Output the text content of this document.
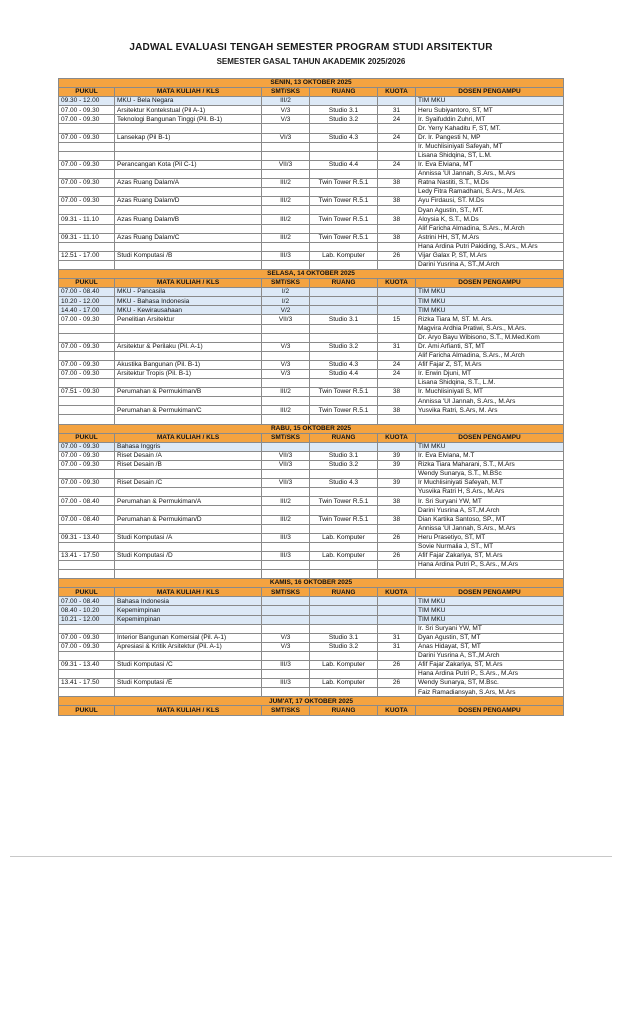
JADWAL EVALUASI TENGAH SEMESTER PROGRAM STUDI ARSITEKTUR
SEMESTER GASAL TAHUN AKADEMIK 2025/2026
SENIN, 13 OKTOBER 2025					
PUKUL	MATA KULIAH / KLS	SMT/SKS	RUANG	KUOTA	DOSEN PENGAMPU
09.30 - 12.00	MKU - Bela Negara	III/2			TIM MKU
07.00 - 09.30	Arsitektur Kontekstual (Pil A-1)	V/3	Studio 3.1	31	Heru Subiyantoro, ST, MT
07.00 - 09.30	Teknologi Bangunan Tinggi (Pil. B-1)	V/3	Studio 3.2	24	Ir. Syaifuddin Zuhri, MT
					Dr. Yerry Kahaditu F, ST, MT.
07.00 - 09.30	Lansekap (Pil B-1)	VI/3	Studio 4.3	24	Dr. Ir. Pangesti N, MP
					Ir. Muchlisiniyati Safeyah, MT
					Lisana Shidqina, ST, L.M.
07.00 - 09.30	Perancangan Kota (Pil C-1)	VII/3	Studio 4.4	24	Ir. Eva Elviana, MT
					Annissa 'Ul Jannah, S.Ars., M.Ars
07.00 - 09.30	Azas Ruang Dalam/A	III/2	Twin Tower R.5.1	38	Ratna Nastiti, S.T., M.Ds
					Ledy Fitra Ramadhani, S.Ars., M.Ars.
07.00 - 09.30	Azas Ruang Dalam/D	III/2	Twin Tower R.5.1	38	Ayu Firdausi, ST. M.Ds
					Dyan Agustin, ST., MT.
09.31 - 11.10	Azas Ruang Dalam/B	III/2	Twin Tower R.5.1	38	Aloysia K, S.T., M.Ds
					Alif Faricha Almadina, S.Ars., M.Arch
09.31 - 11.10	Azas Ruang Dalam/C	III/2	Twin Tower R.5.1	38	Astrini HH, ST, M.Ars
					Hana Ardina Putri Pakiding, S.Ars., M.Ars
12.51 - 17.00	Studi Komputasi /B	III/3	Lab. Komputer	26	Vijar Galax P, ST, M.Ars
					Darini Yusrina A, ST.,M.Arch
SELASA, 14 OKTOBER 2025					
PUKUL	MATA KULIAH / KLS	SMT/SKS	RUANG	KUOTA	DOSEN PENGAMPU
07.00 - 08.40	MKU - Pancasila	I/2			TIM MKU
10.20 - 12.00	MKU - Bahasa Indonesia	I/2			TIM MKU
14.40 - 17.00	MKU - Kewirausahaan	V/2			TIM MKU
07.00 - 09.30	Penelitian Arsitektur	VII/3	Studio 3.1	15	Rizka Tiara M, ST. M. Ars.
					Magvira Ardhia Pratiwi, S.Ars., M.Ars.
					Dr. Aryo Bayu Wibisono, S.T., M.Med.Kom
07.00 - 09.30	Arsitektur & Perilaku (Pil. A-1)	V/3	Studio 3.2	31	Dr. Ami Arfianti, ST, MT
					Alif Faricha Almadina, S.Ars., M.Arch
07.00 - 09.30	Akustika Bangunan (Pil. B-1)	V/3	Studio 4.3	24	Afif Fajar Z, ST, M.Ars
07.00 - 09.30	Arsitektur Tropis (Pil. B-1)	V/3	Studio 4.4	24	Ir. Erwin Djuni, MT
					Lisana Shidqina, S.T., L.M.
07.51 - 09.30	Perumahan & Permukiman/B	III/2	Twin Tower R.5.1	38	Ir. Muchlisiniyati S, MT
					Annissa 'Ul Jannah, S.Ars., M.Ars
	Perumahan & Permukiman/C	III/2	Twin Tower R.5.1	38	Yusvika Ratri, S.Ars, M. Ars

RABU, 15 OKTOBER 2025					
PUKUL	MATA KULIAH / KLS	SMT/SKS	RUANG	KUOTA	DOSEN PENGAMPU
07.00 - 09.30	Bahasa Inggris				TIM MKU
07.00 - 09.30	Riset Desain /A	VII/3	Studio 3.1	39	Ir. Eva Elviana, M.T
07.00 - 09.30	Riset Desain /B	VII/3	Studio 3.2	39	Rizka Tiara Maharani, S.T., M.Ars
					Wendy Sunarya, S.T., M.BSc
07.00 - 09.30	Riset Desain /C	VII/3	Studio 4.3	39	Ir Muchlisiniyati Safeyah, M.T
					Yusvika Ratri H, S.Ars., M.Ars
07.00 - 08.40	Perumahan & Permukiman/A	III/2	Twin Tower R.5.1	38	Ir. Sri Suryani YW, MT
					Darini Yusrina A, ST.,M.Arch
07.00 - 08.40	Perumahan & Permukiman/D	III/2	Twin Tower R.5.1	38	Dian Kartika Santoso, SP., MT
					Annissa 'Ul Jannah, S.Ars., M.Ars
09.31 - 13.40	Studi Komputasi /A	III/3	Lab. Komputer	26	Heru Prasetiyo, ST, MT
					Sovie Nurmalia J, ST., MT
13.41 - 17.50	Studi Komputasi /D	III/3	Lab. Komputer	26	Afif Fajar Zakariya, ST, M.Ars
					Hana Ardina Putri P., S.Ars., M.Ars

KAMIS, 16 OKTOBER 2025					
PUKUL	MATA KULIAH / KLS	SMT/SKS	RUANG	KUOTA	DOSEN PENGAMPU
07.00 - 08.40	Bahasa Indonesia				TIM MKU
08.40 - 10.20	Kepemimpinan				TIM MKU
10.21 - 12.00	Kepemimpinan				TIM MKU
					Ir. Sri Suryani YW, MT
07.00 - 09.30	Interior Bangunan Komersial (Pil. A-1)	V/3	Studio 3.1	31	Dyan Agustin, ST, MT
07.00 - 09.30	Apresiasi & Kritik Arsitektur (Pil. A-1)	V/3	Studio 3.2	31	Anas Hidayat, ST, MT
					Darini Yusrina A, ST.,M.Arch
09.31 - 13.40	Studi Komputasi /C	III/3	Lab. Komputer	26	Afif Fajar Zakariya, ST, M.Ars
					Hana Ardina Putri P., S.Ars., M.Ars
13.41 - 17.50	Studi Komputasi /E	III/3	Lab. Komputer	26	Wendy Sunarya, ST, M.Bsc.
					Faiz Ramadiansyah, S.Ars, M.Ars
JUM'AT, 17 OKTOBER 2025					
PUKUL	MATA KULIAH / KLS	SMT/SKS	RUANG	KUOTA	DOSEN PENGAMPU
